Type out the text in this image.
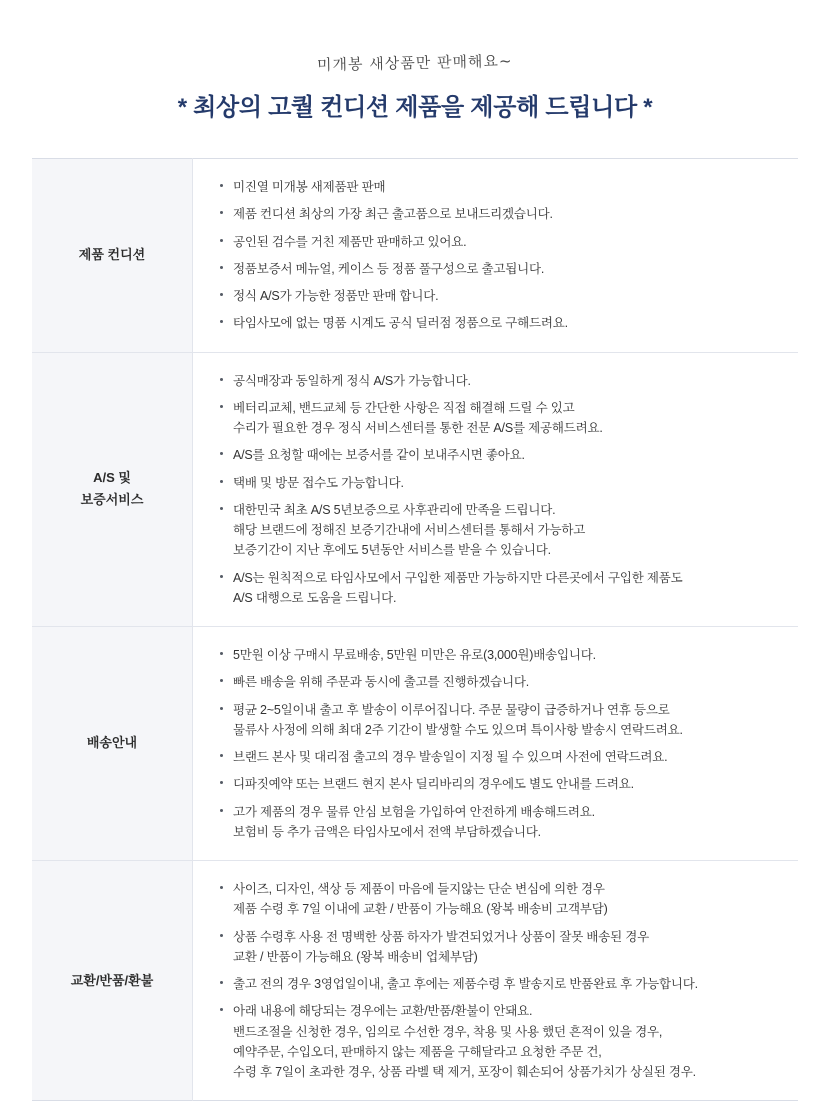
미개봉 새상품만 판매해요~
* 최상의 고퀄 컨디션 제품을 제공해 드립니다 *
제품 컨디션	
미진열 미개봉 새제품판 판매
제품 컨디션 최상의 가장 최근 출고품으로 보내드리겠습니다.
공인된 검수를 거친 제품만 판매하고 있어요.
정품보증서 메뉴얼, 케이스 등 정품 풀구성으로 출고됩니다.
정식 A/S가 가능한 정품만 판매 합니다.
타임사모에 없는 명품 시계도 공식 딜러점 정품으로 구해드려요.

A/S 및
보증서비스	
공식매장과 동일하게 정식 A/S가 가능합니다.
베터리교체, 밴드교체 등 간단한 사항은 직접 해결해 드릴 수 있고
수리가 필요한 경우 정식 서비스센터를 통한 전문 A/S를 제공해드려요.
A/S를 요청할 때에는 보증서를 같이 보내주시면 좋아요.
택배 및 방문 접수도 가능합니다.
대한민국 최초 A/S 5년보증으로 사후관리에 만족을 드립니다.
해당 브랜드에 정해진 보증기간내에 서비스센터를 통해서 가능하고
보증기간이 지난 후에도 5년동안 서비스를 받을 수 있습니다.
A/S는 원칙적으로 타임사모에서 구입한 제품만 가능하지만 다른곳에서 구입한 제품도
A/S 대행으로 도움을 드립니다.

배송안내	
5만원 이상 구매시 무료배송, 5만원 미만은 유로(3,000원)배송입니다.
빠른 배송을 위해 주문과 동시에 출고를 진행하겠습니다.
평균 2~5일이내 출고 후 발송이 이루어집니다. 주문 물량이 급증하거나 연휴 등으로
물류사 사정에 의해 최대 2주 기간이 발생할 수도 있으며 특이사항 발송시 연락드려요.
브랜드 본사 및 대리점 출고의 경우 발송일이 지정 될 수 있으며 사전에 연락드려요.
디파짓예약 또는 브랜드 현지 본사 딜리바리의 경우에도 별도 안내를 드려요.
고가 제품의 경우 물류 안심 보험을 가입하여 안전하게 배송해드려요.
보험비 등 추가 금액은 타임사모에서 전액 부담하겠습니다.

교환/반품/환불	
사이즈, 디자인, 색상 등 제품이 마음에 들지않는 단순 변심에 의한 경우
제품 수령 후 7일 이내에 교환 / 반품이 가능해요 (왕복 배송비 고객부담)
상품 수령후 사용 전 명백한 상품 하자가 발견되었거나 상품이 잘못 배송된 경우
교환 / 반품이 가능해요 (왕복 배송비 업체부담)
출고 전의 경우 3영업일이내, 출고 후에는 제품수령 후 발송지로 반품완료 후 가능합니다.
아래 내용에 해당되는 경우에는 교환/반품/환불이 안돼요.
밴드조절을 신청한 경우, 임의로 수선한 경우, 착용 및 사용 했던 흔적이 있을 경우,
예약주문, 수입오더, 판매하지 않는 제품을 구해달라고 요청한 주문 건,
수령 후 7일이 초과한 경우, 상품 라벨 택 제거, 포장이 훼손되어 상품가치가 상실된 경우.
